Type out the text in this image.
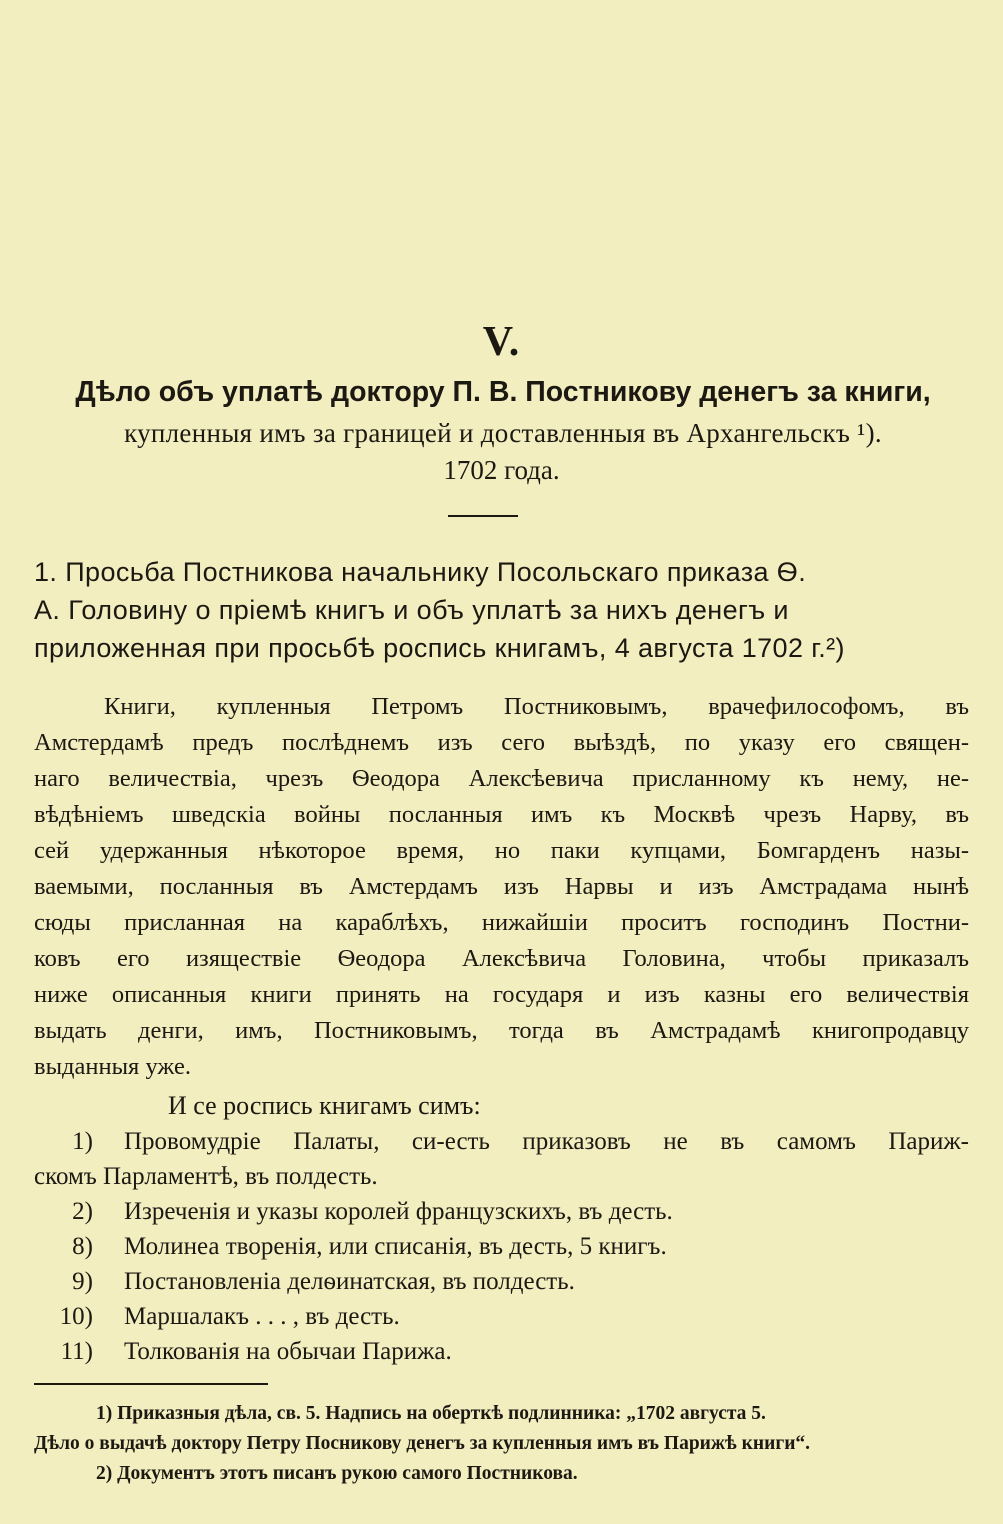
V.
Дѣло объ уплатѣ доктору П. В. Постникову денегъ за книги,
купленныя имъ за границей и доставленныя въ Архангельскъ ¹).
1702 года.
1. Просьба Постникова начальнику Посольскаго приказа Ѳ.
А. Головину о пріемѣ книгъ и объ уплатѣ за нихъ денегъ и
приложенная при просьбѣ роспись книгамъ, 4 августа 1702 г.²)
Книги, купленныя Петромъ Постниковымъ, врачефилософомъ, въ
Амстердамѣ предъ послѣднемъ изъ сего выѣздѣ, по указу его священ-
наго величествіа, чрезъ Ѳеодора Алексѣевича присланному къ нему, не-
вѣдѣніемъ шведскіа войны посланныя имъ къ Москвѣ чрезъ Нарву, въ
сей удержанныя нѣкоторое время, но паки купцами, Бомгарденъ назы-
ваемыми, посланныя въ Амстердамъ изъ Нарвы и изъ Амстрадама нынѣ
сюды присланная на караблѣхъ, нижайшіи проситъ господинъ Постни-
ковъ его изяществіе Ѳеодора Алексѣвича Головина, чтобы приказалъ
ниже описанныя книги принять на государя и изъ казны его величествія
выдать денги, имъ, Постниковымъ, тогда въ Амстрадамѣ книгопродавцу
выданныя уже.
И се роспись книгамъ симъ:
1) Провомудріе Палаты, си-есть приказовъ не въ самомъ Париж-
скомъ Парламентѣ, въ полдесть.
2) Изреченія и указы королей французскихъ, въ десть.
8) Молинеа творенія, или списанія, въ десть, 5 книгъ.
9) Постановленіа делѳинатская, въ полдесть.
10) Маршалакъ . . . , въ десть.
11) Толкованія на обычаи Парижа.
1) Приказныя дѣла, св. 5. Надпись на оберткѣ подлинника: „1702 августа 5.
Дѣло о выдачѣ доктору Петру Посникову денегъ за купленныя имъ въ Парижѣ книги“.
2) Документъ этотъ писанъ рукою самого Постникова.
